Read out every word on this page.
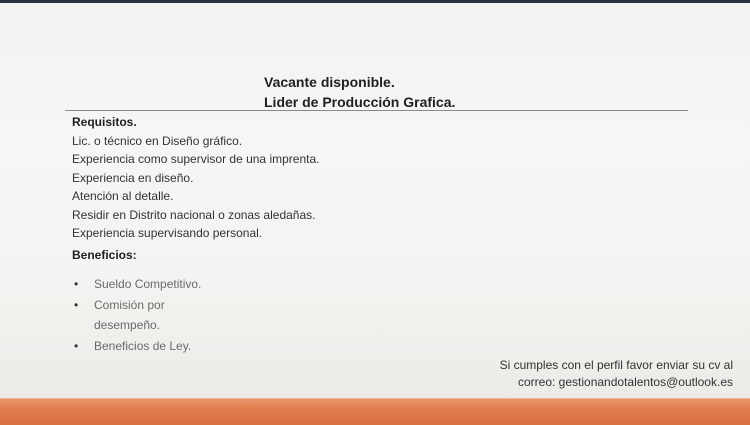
Vacante disponible.
Lider de Producción Grafica.
Requisitos.
Lic. o técnico en Diseño gráfico.
Experiencia como supervisor de una imprenta.
Experiencia en diseño.
Atención al detalle.
Residir en Distrito nacional o zonas aledañas.
Experiencia supervisando personal.
Beneficios:
• Sueldo Competitivo.
• Comisión por
desempeño.
• Beneficios de Ley.
Si cumples con el perfil favor enviar su cv al
correo: gestionandotalentos@outlook.es
